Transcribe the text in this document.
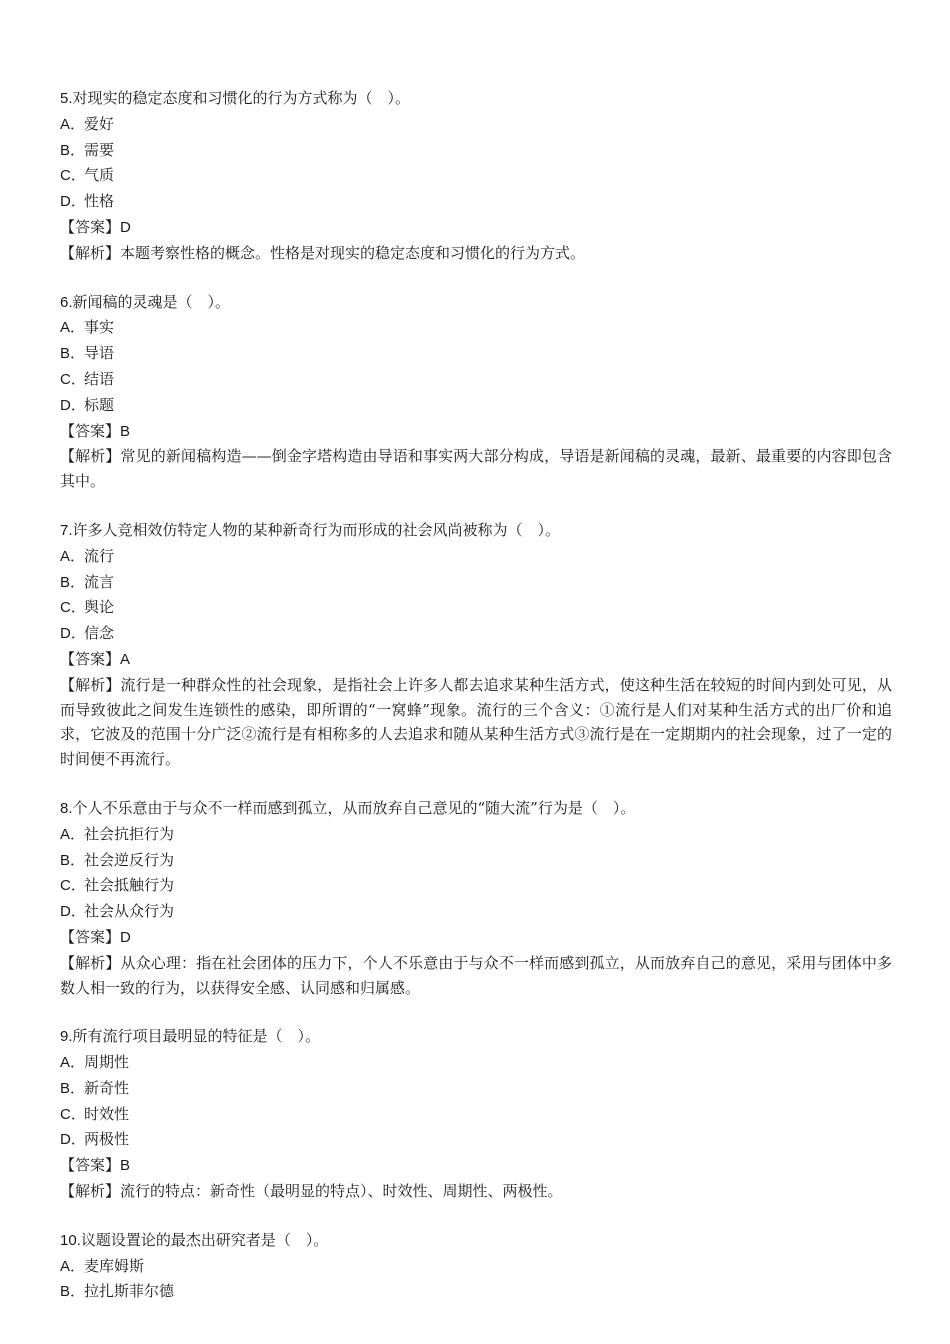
5.对现实的稳定态度和习惯化的行为方式称为（　）。

A．爱好

B．需要

C．气质

D．性格

【答案】D

【解析】本题考察性格的概念。性格是对现实的稳定态度和习惯化的行为方式。

6.新闻稿的灵魂是（　）。

A．事实

B．导语

C．结语

D．标题

【答案】B

【解析】常见的新闻稿构造——倒金字塔构造由导语和事实两大部分构成，导语是新闻稿的灵魂，最新、最重要的内容即包含其中。

7.许多人竞相效仿特定人物的某种新奇行为而形成的社会风尚被称为（　）。

A．流行

B．流言

C．舆论

D．信念

【答案】A

【解析】流行是一种群众性的社会现象，是指社会上许多人都去追求某种生活方式，使这种生活在较短的时间内到处可见，从而导致彼此之间发生连锁性的感染，即所谓的“一窝蜂”现象。流行的三个含义：①流行是人们对某种生活方式的出厂价和追求，它波及的范围十分广泛②流行是有相称多的人去追求和随从某种生活方式③流行是在一定期期内的社会现象，过了一定的时间便不再流行。

8.个人不乐意由于与众不一样而感到孤立，从而放弃自己意见的“随大流”行为是（　）。

A．社会抗拒行为

B．社会逆反行为

C．社会抵触行为

D．社会从众行为

【答案】D

【解析】从众心理：指在社会团体的压力下，个人不乐意由于与众不一样而感到孤立，从而放弃自己的意见，采用与团体中多数人相一致的行为，以获得安全感、认同感和归属感。

9.所有流行项目最明显的特征是（　）。

A．周期性

B．新奇性

C．时效性

D．两极性

【答案】B

【解析】流行的特点：新奇性（最明显的特点）、时效性、周期性、两极性。

10.议题设置论的最杰出研究者是（　）。

A．麦库姆斯

B．拉扎斯菲尔德
